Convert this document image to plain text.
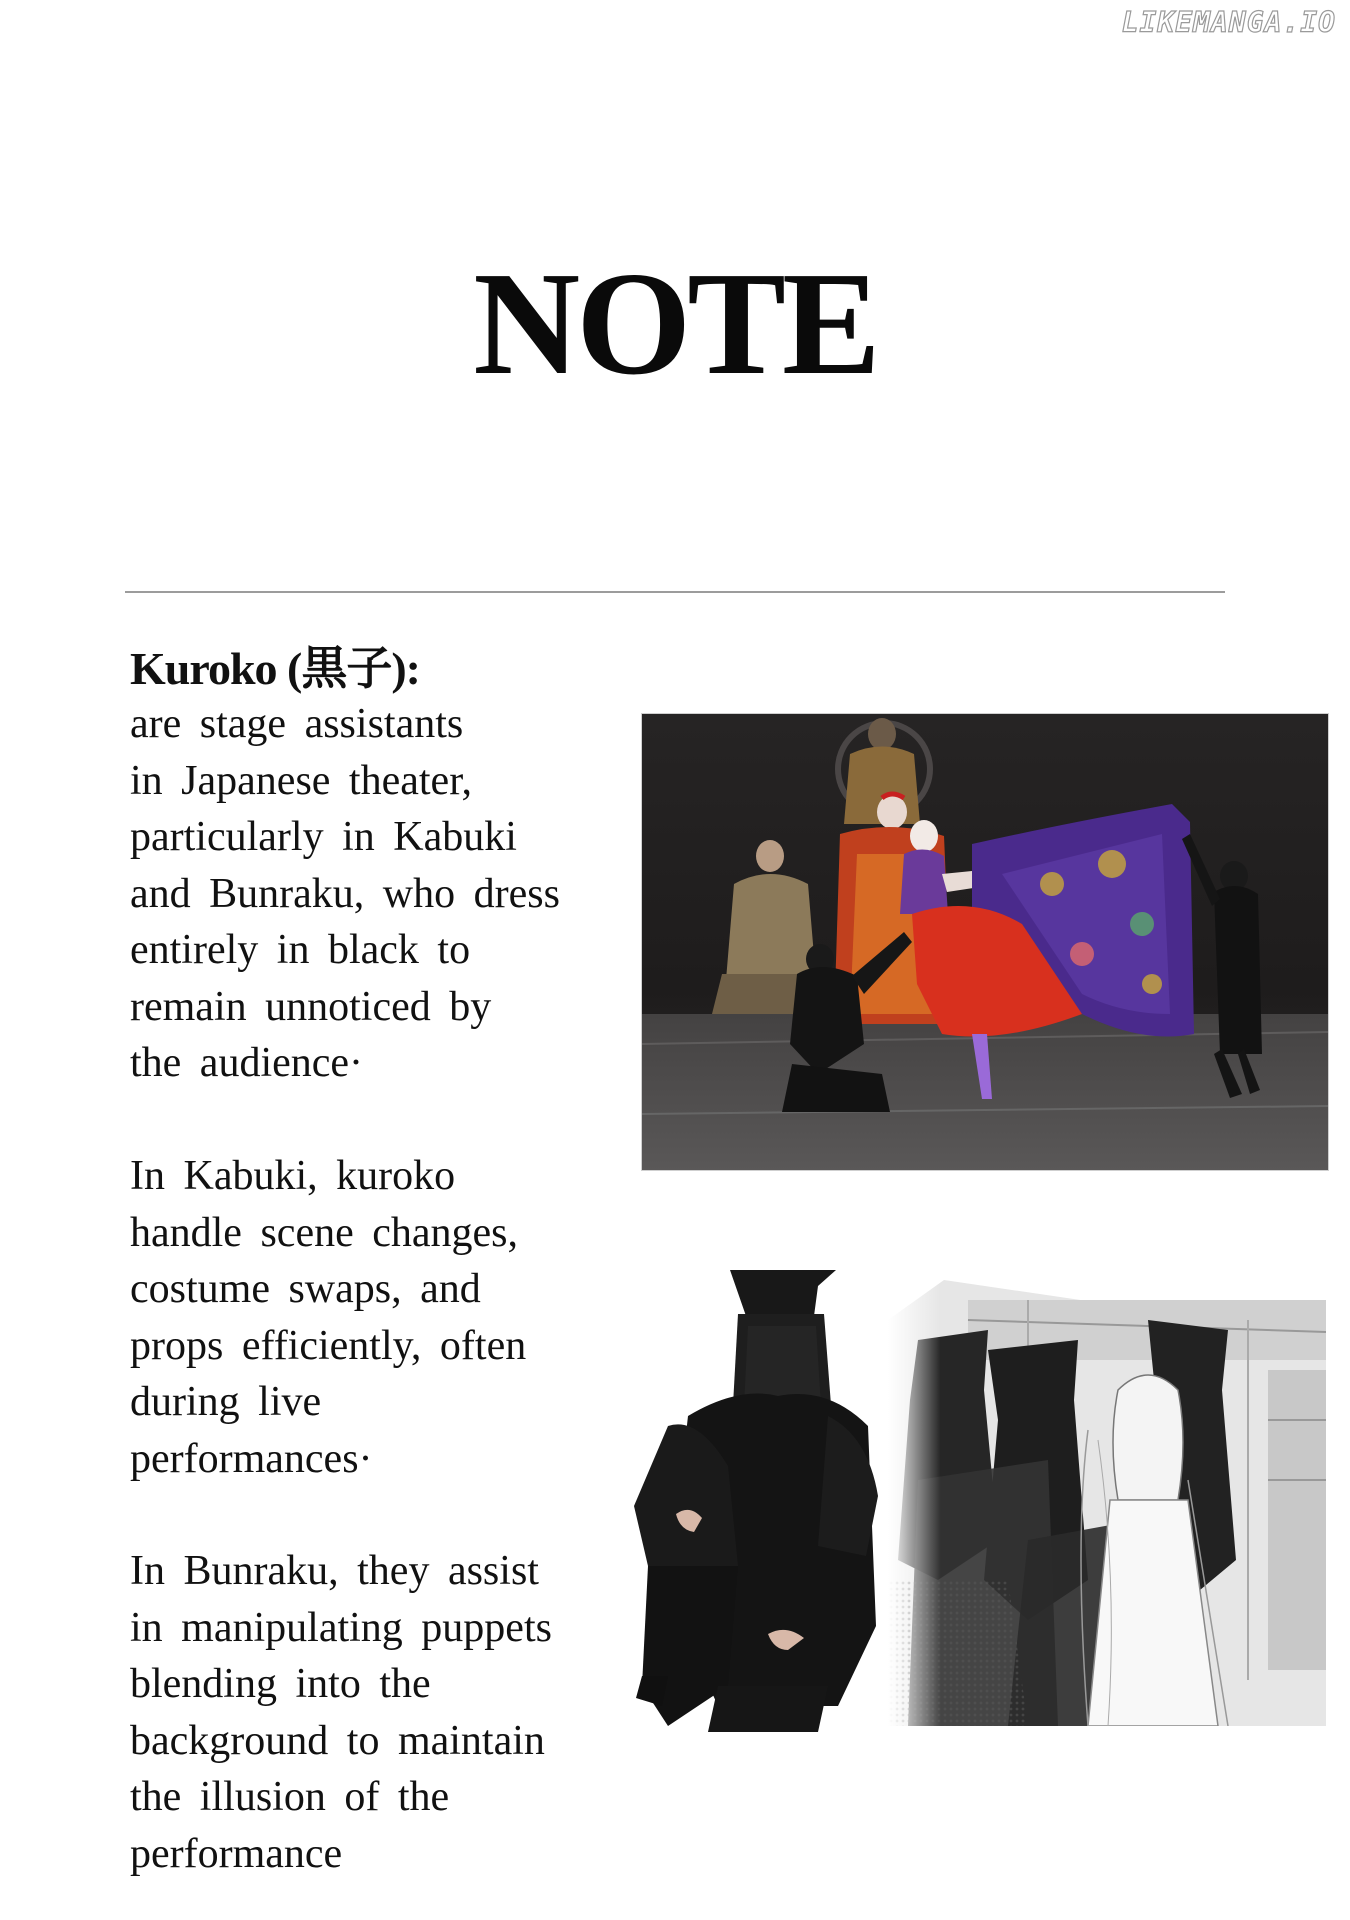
LIKEMANGA.IO
NOTE
Kuroko (黒子):
are stage assistants
in Japanese theater,
particularly in Kabuki
and Bunraku, who dress
entirely in black to
remain unnoticed by
the audience·
In Kabuki, kuroko
handle scene changes,
costume swaps, and
props efficiently, often
during live
performances·
In Bunraku, they assist
in manipulating puppets
blending into the
background to maintain
the illusion of the
performance
